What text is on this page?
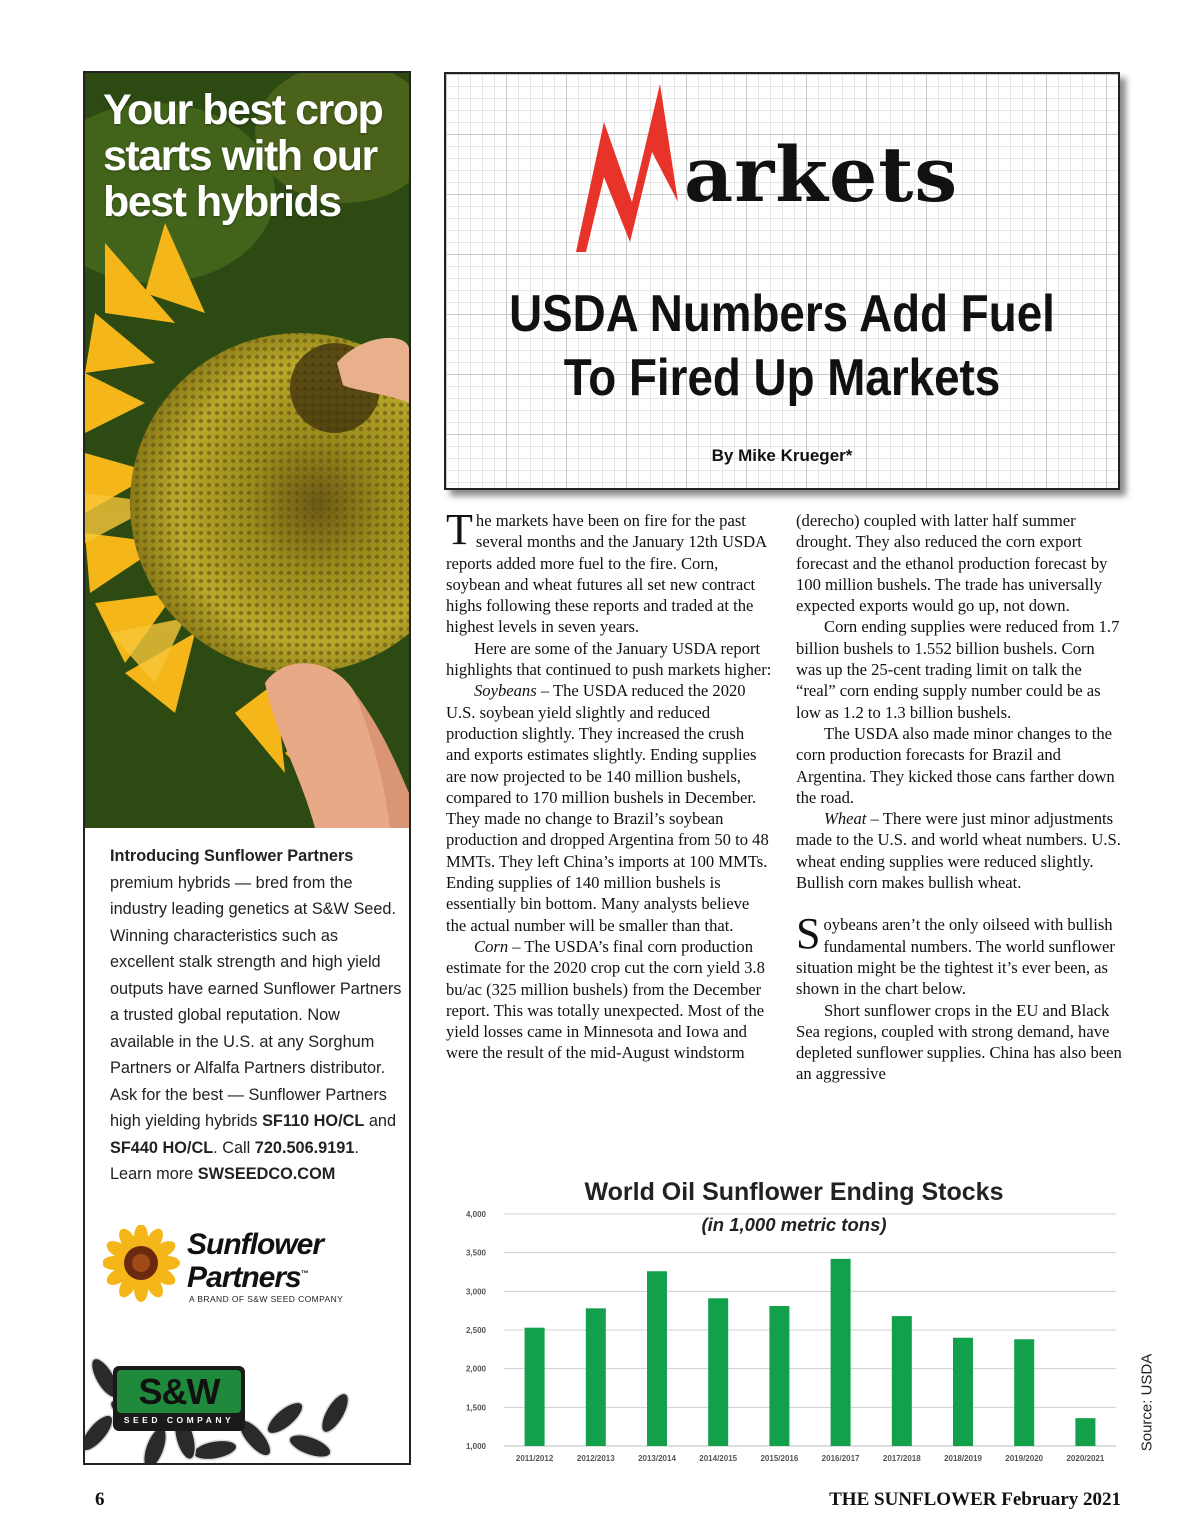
Your best crop starts with our best hybrids
Introducing Sunflower Partners premium hybrids — bred from the industry leading genetics at S&W Seed. Winning characteristics such as excellent stalk strength and high yield outputs have earned Sunflower Partners a trusted global reputation. Now available in the U.S. at any Sorghum Partners or Alfalfa Partners distributor. Ask for the best — Sunflower Partners high yielding hybrids SF110 HO/CL and SF440 HO/CL. Call 720.506.9191.
Learn more SWSEEDCO.COM
Sunflower
Partners™
A BRAND OF S&W SEED COMPANY
S&W
SEED COMPANY
arkets
USDA Numbers Add Fuel
To Fired Up Markets
By Mike Krueger*

The markets have been on fire for the past several months and the January 12th USDA reports added more fuel to the fire. Corn, soybean and wheat futures all set new contract highs following these reports and traded at the highest levels in seven years.

Here are some of the January USDA report highlights that continued to push markets higher:

Soybeans – The USDA reduced the 2020 U.S. soybean yield slightly and reduced production slightly. They increased the crush and exports estimates slightly. Ending supplies are now projected to be 140 million bushels, compared to 170 million bushels in December. They made no change to Brazil’s soybean production and dropped Argentina from 50 to 48 MMTs. They left China’s imports at 100 MMTs. Ending supplies of 140 million bushels is essentially bin bottom. Many analysts believe the actual number will be smaller than that.

Corn – The USDA’s final corn production estimate for the 2020 crop cut the corn yield 3.8 bu/ac (325 million bushels) from the December report. This was totally unexpected. Most of the yield losses came in Minnesota and Iowa and were the result of the mid-August windstorm

(derecho) coupled with latter half summer drought. They also reduced the corn export forecast and the ethanol production forecast by 100 million bushels. The trade has universally expected exports would go up, not down.

Corn ending supplies were reduced from 1.7 billion bushels to 1.552 billion bushels. Corn was up the 25-cent trading limit on talk the “real” corn ending supply number could be as low as 1.2 to 1.3 billion bushels.

The USDA also made minor changes to the corn production forecasts for Brazil and Argentina. They kicked those cans farther down the road.

Wheat – There were just minor adjustments made to the U.S. and world wheat numbers. U.S. wheat ending supplies were reduced slightly. Bullish corn makes bullish wheat.

Soybeans aren’t the only oilseed with bullish fundamental numbers. The world sunflower situation might be the tightest it’s ever been, as shown in the chart below.

Short sunflower crops in the EU and Black Sea regions, coupled with strong demand, have depleted sunflower supplies. China has also been an aggressive

1,000
1,500
2,000
2,500
3,000
3,500
4,000
2011/2012	2012/2013	2013/2014	2014/2015	2015/2016	2016/2017	2017/2018	2018/2019	2019/2020	2020/2021
World Oil Sunflower Ending Stocks
(in 1,000 metric tons)
Source: USDA
6	THE SUNFLOWER February 2021
